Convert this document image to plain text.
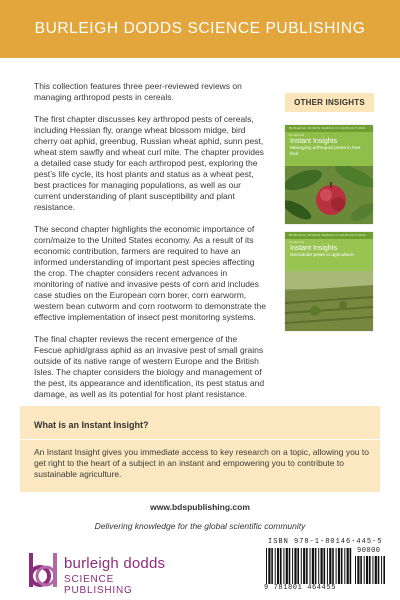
BURLEIGH DODDS SCIENCE PUBLISHING

This collection features three peer-reviewed reviews on managing arthropod pests in cereals.

The first chapter discusses key arthropod pests of cereals, including Hessian fly, orange wheat blossom midge, bird cherry oat aphid, greenbug, Russian wheat aphid, sunn pest, wheat stem sawfly and wheat curl mite. The chapter provides a detailed case study for each arthropod pest, exploring the pest’s life cycle, its host plants and status as a wheat pest, best practices for managing populations, as well as our current understanding of plant susceptibility and plant resistance.

The second chapter highlights the economic importance of corn/maize to the United States economy. As a result of its economic contribution, farmers are required to have an informed understanding of important pest species affecting the crop. The chapter considers recent advances in monitoring of native and invasive pests of corn and includes case studies on the European corn borer, corn earworm, western bean cutworm and corn rootworm to demonstrate the effective implementation of insect pest monitoring systems.

The final chapter reviews the recent emergence of the Fescue aphid/grass aphid as an invasive pest of small grains outside of its native range of western Europe and the British Isles. The chapter considers the biology and management of the pest, its appearance and identification, its pest status and damage, as well as its potential for host plant resistance.

OTHER INSIGHTS
BURLEIGH DODDS SERIES IN AGRICULTURAL SCIENCE
Instant Insights
Managing arthropod pests in tree fruit
BURLEIGH DODDS SERIES IN AGRICULTURAL SCIENCE
Instant Insights
Nematode pests in agriculture
What is an Instant Insight?
An Instant Insight gives you immediate access to key research on a topic, allowing you to get right to the heart of a subject in an instant and empowering you to contribute to sustainable agriculture.
www.bdspublishing.com
Delivering knowledge for the global scientific community
burleigh dodds
SCIENCE PUBLISHING
ISBN 978-1-80146-445-5
90000
9 781801 464455
